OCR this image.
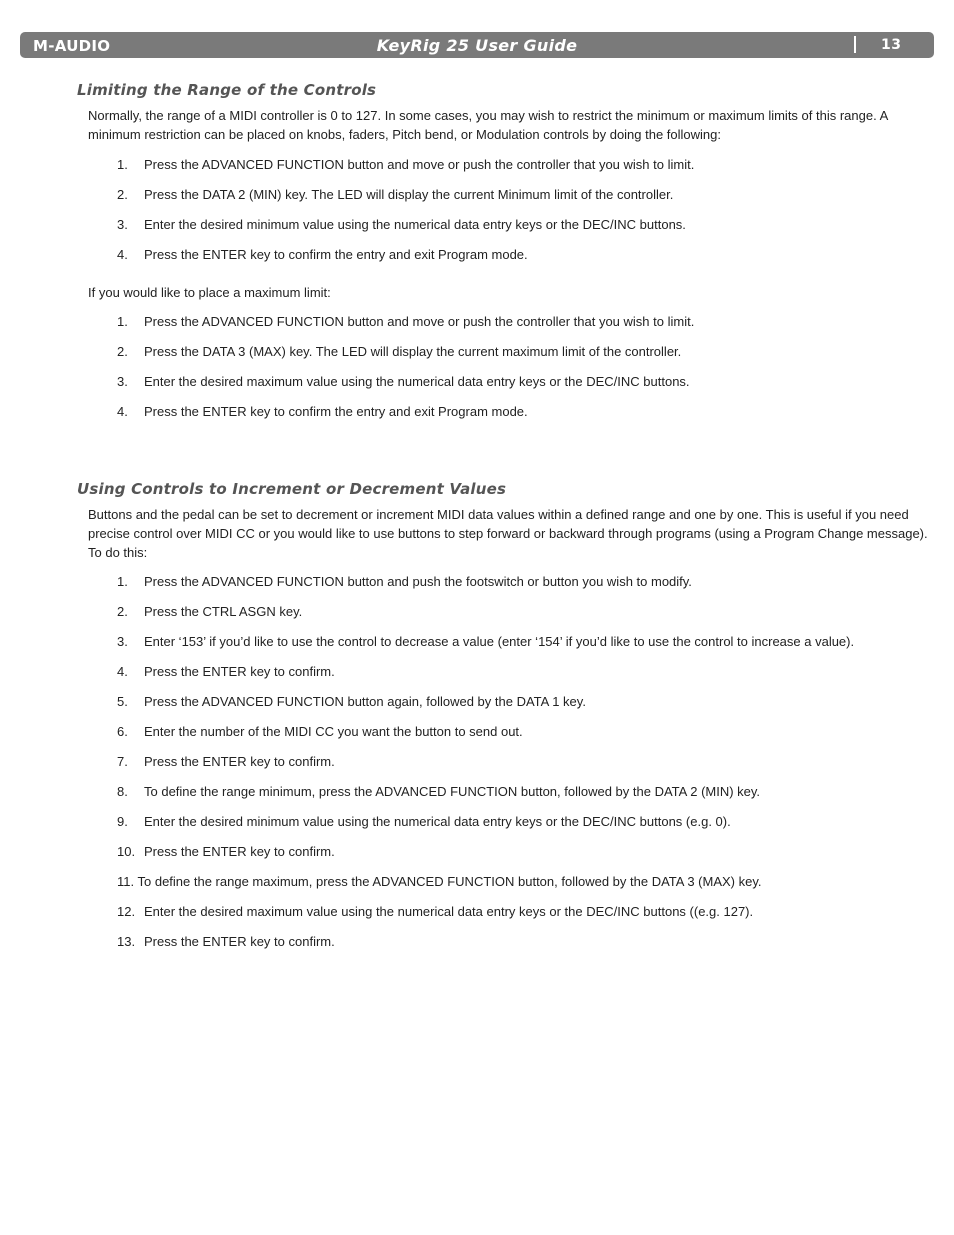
M-AUDIO	KeyRig 25 User Guide	13
Limiting the Range of the Controls

Normally, the range of a MIDI controller is 0 to 127. In some cases, you may wish to restrict the minimum or maximum limits of this range. A minimum restriction can be placed on knobs, faders, Pitch bend, or Modulation controls by doing the following:

1. Press the ADVANCED FUNCTION button and move or push the controller that you wish to limit.
2. Press the DATA 2 (MIN) key. The LED will display the current Minimum limit of the controller.
3. Enter the desired minimum value using the numerical data entry keys or the DEC/INC buttons.
4. Press the ENTER key to confirm the entry and exit Program mode.

If you would like to place a maximum limit:

1. Press the ADVANCED FUNCTION button and move or push the controller that you wish to limit.
2. Press the DATA 3 (MAX) key. The LED will display the current maximum limit of the controller.
3. Enter the desired maximum value using the numerical data entry keys or the DEC/INC buttons.
4. Press the ENTER key to confirm the entry and exit Program mode.
Using Controls to Increment or Decrement Values

Buttons and the pedal can be set to decrement or increment MIDI data values within a defined range and one by one. This is useful if you need precise control over MIDI CC or you would like to use buttons to step forward or backward through programs (using a Program Change message). To do this:

1. Press the ADVANCED FUNCTION button and push the footswitch or button you wish to modify.
2. Press the CTRL ASGN key.
3. Enter ‘153’ if you’d like to use the control to decrease a value (enter ‘154’ if you’d like to use the control to increase a value).
4. Press the ENTER key to confirm.
5. Press the ADVANCED FUNCTION button again, followed by the DATA 1 key.
6. Enter the number of the MIDI CC you want the button to send out.
7. Press the ENTER key to confirm.
8. To define the range minimum, press the ADVANCED FUNCTION button, followed by the DATA 2 (MIN) key.
9. Enter the desired minimum value using the numerical data entry keys or the DEC/INC buttons (e.g. 0).
10. Press the ENTER key to confirm.
11. To define the range maximum, press the ADVANCED FUNCTION button, followed by the DATA 3 (MAX) key.
12. Enter the desired maximum value using the numerical data entry keys or the DEC/INC buttons ((e.g. 127).
13. Press the ENTER key to confirm.
